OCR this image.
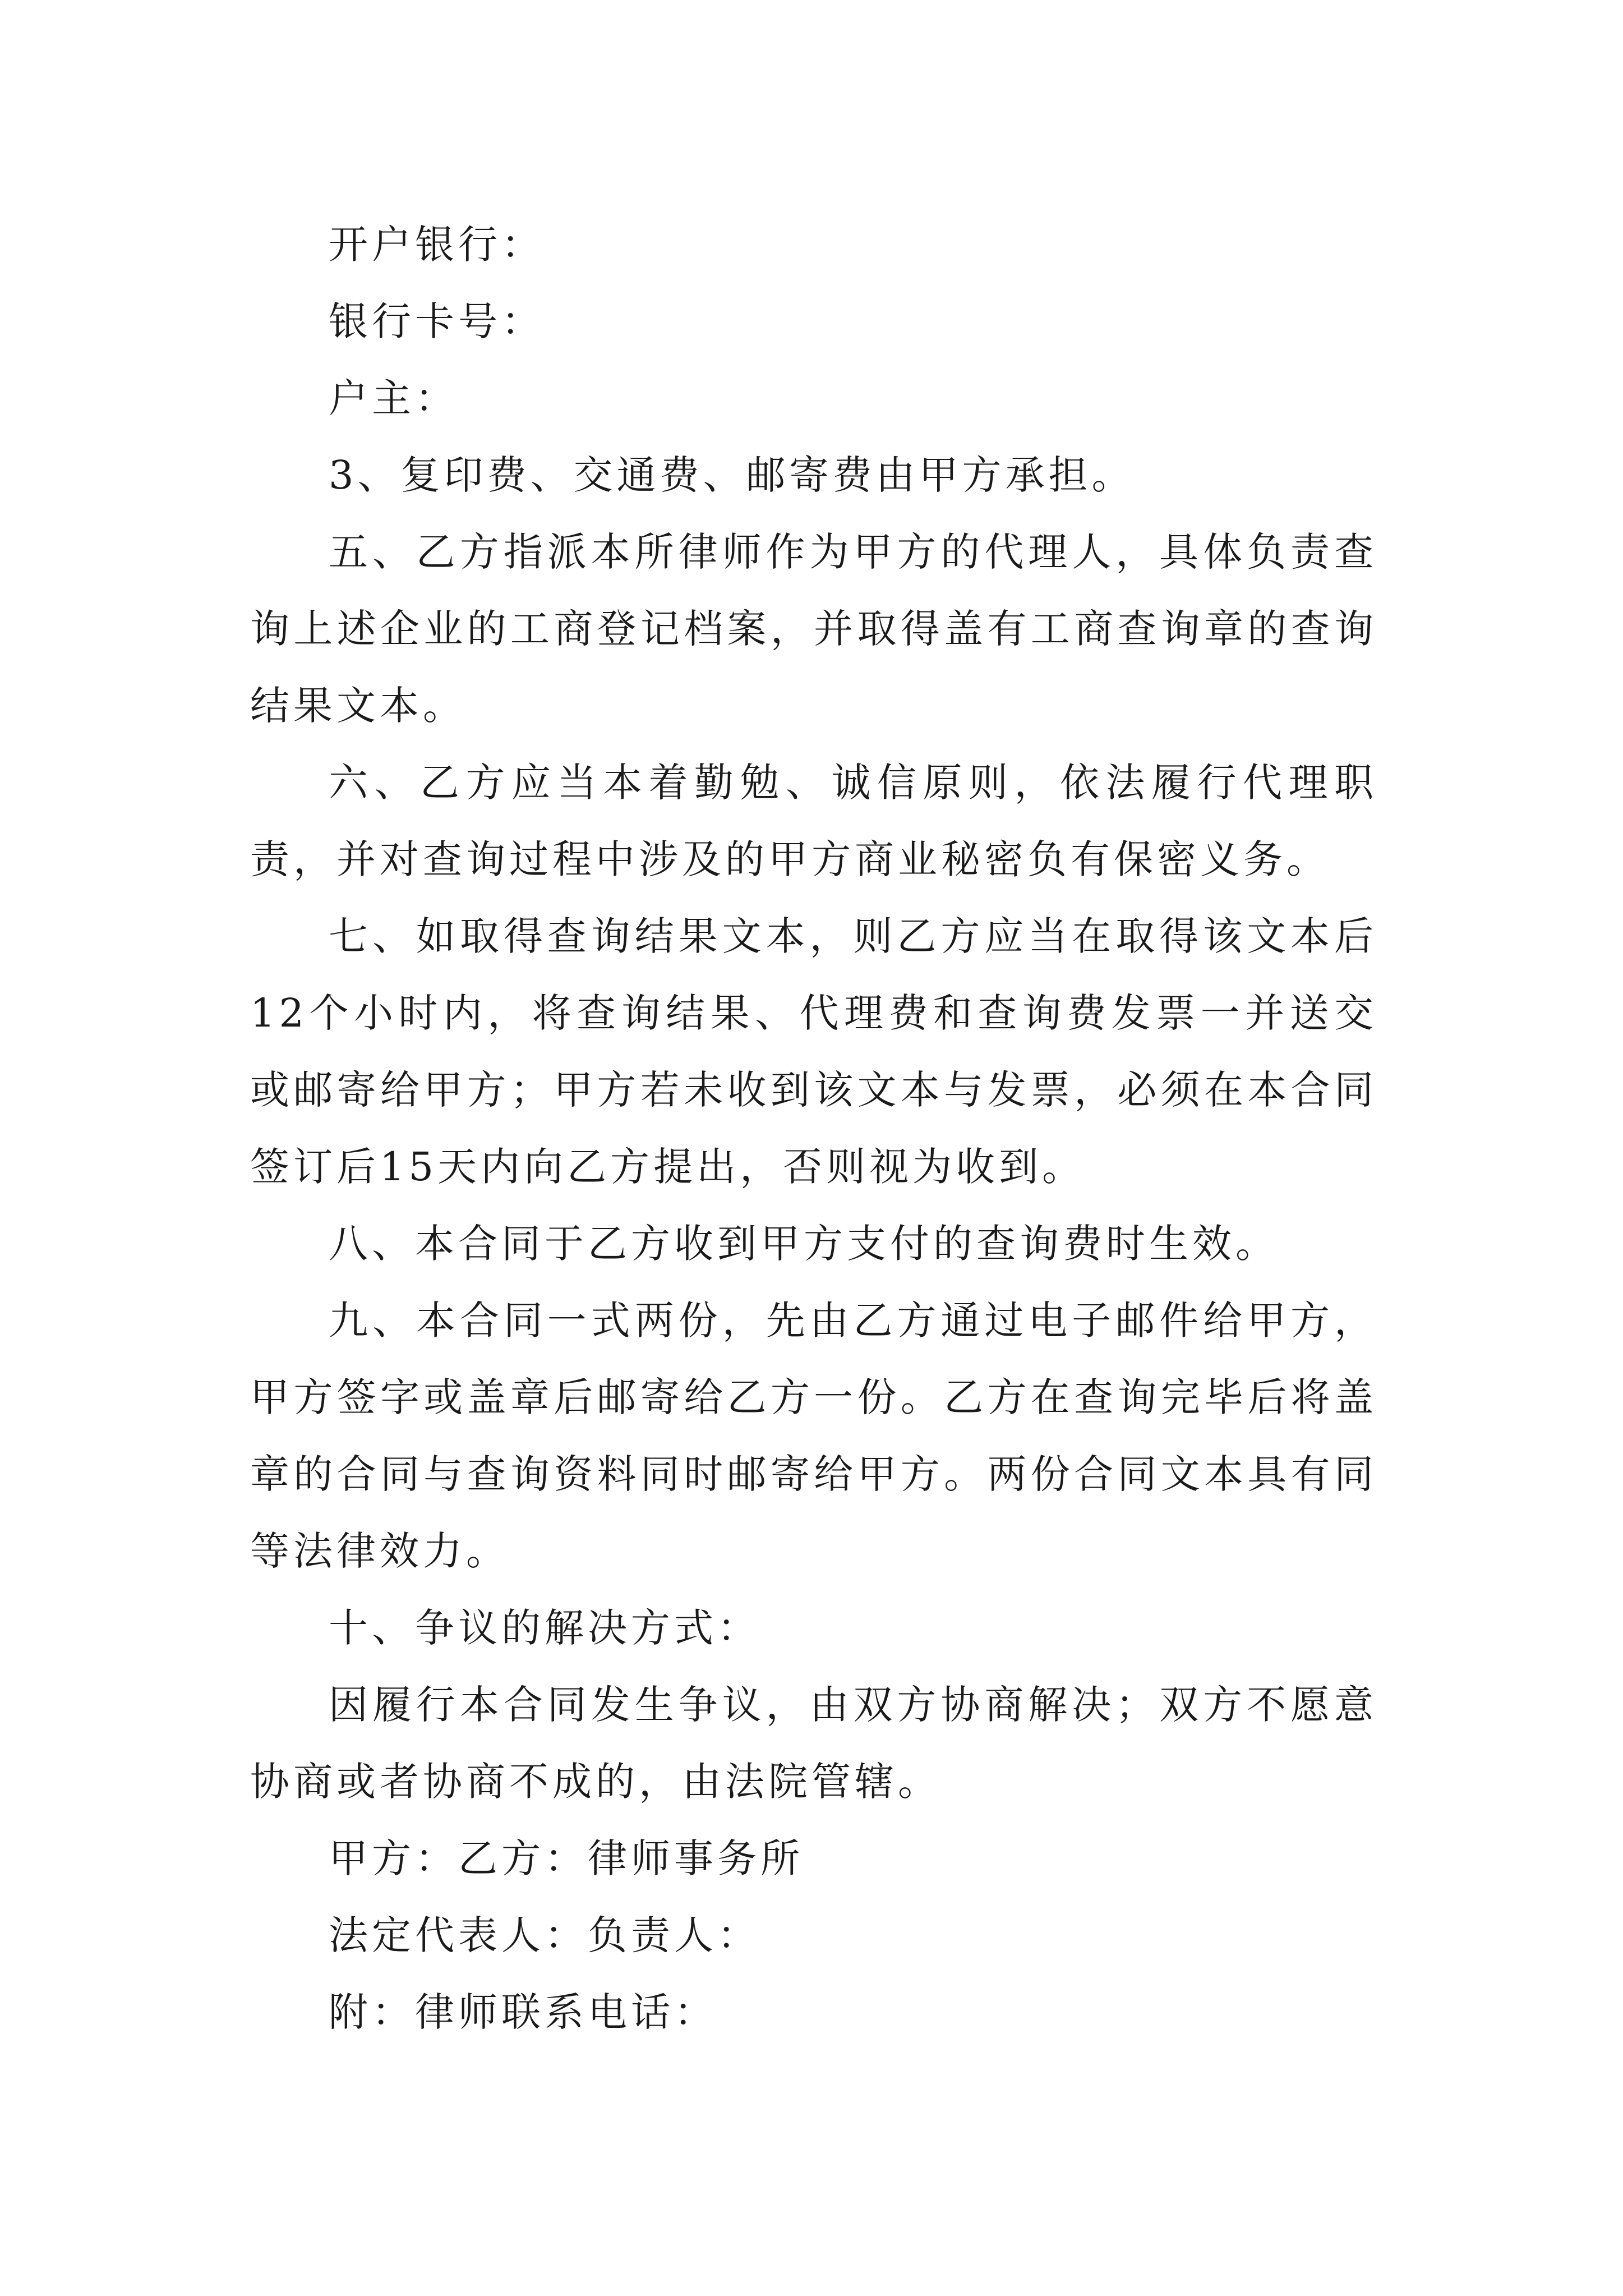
开户银行：

银行卡号：

户主：

3、复印费、交通费、邮寄费由甲方承担。

五、乙方指派本所律师作为甲方的代理人，具体负责查询上述企业的工商登记档案，并取得盖有工商查询章的查询结果文本。

六、乙方应当本着勤勉、诚信原则，依法履行代理职责，并对查询过程中涉及的甲方商业秘密负有保密义务。

七、如取得查询结果文本，则乙方应当在取得该文本后12个小时内，将查询结果、代理费和查询费发票一并送交或邮寄给甲方；甲方若未收到该文本与发票，必须在本合同签订后15天内向乙方提出，否则视为收到。

八、本合同于乙方收到甲方支付的查询费时生效。

九、本合同一式两份，先由乙方通过电子邮件给甲方，甲方签字或盖章后邮寄给乙方一份。乙方在查询完毕后将盖章的合同与查询资料同时邮寄给甲方。两份合同文本具有同等法律效力。

十、争议的解决方式：

因履行本合同发生争议，由双方协商解决；双方不愿意协商或者协商不成的，由法院管辖。

甲方：乙方：律师事务所

法定代表人：负责人：

附：律师联系电话：
